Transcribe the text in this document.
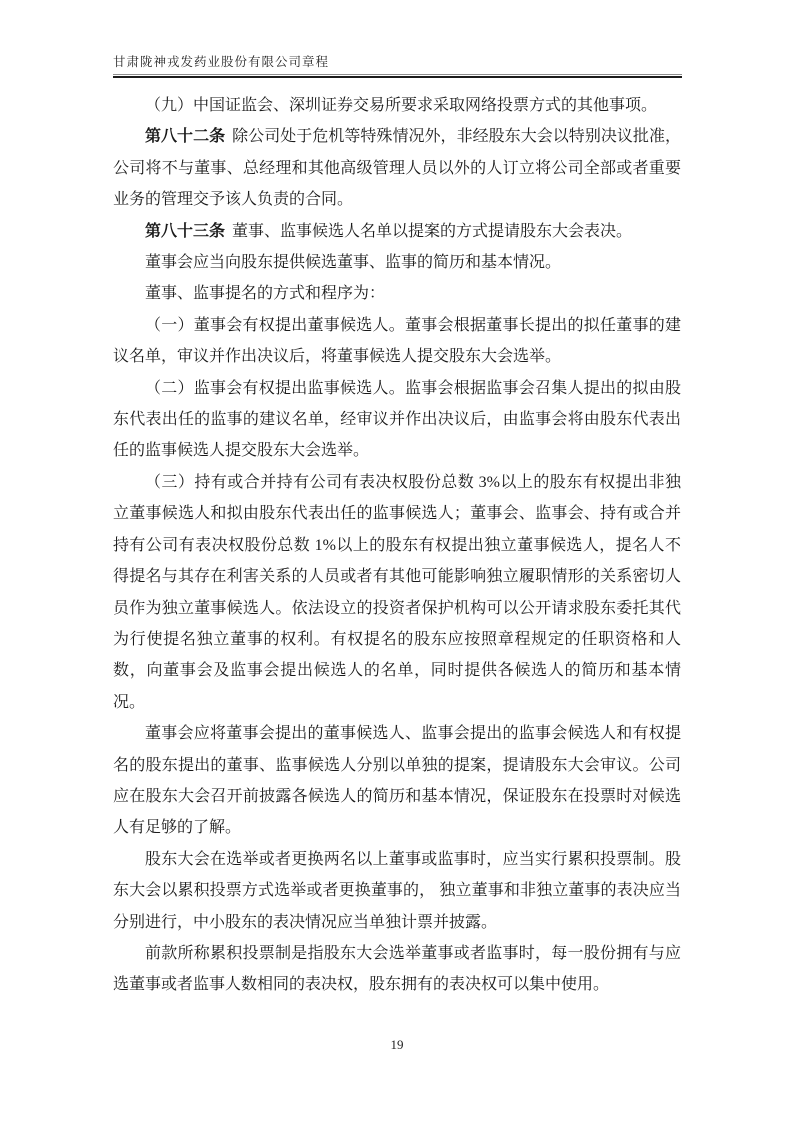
甘肃陇神戎发药业股份有限公司章程

（九）中国证监会、深圳证券交易所要求采取网络投票方式的其他事项。

第八十二条 除公司处于危机等特殊情况外，非经股东大会以特别决议批准，公司将不与董事、总经理和其他高级管理人员以外的人订立将公司全部或者重要业务的管理交予该人负责的合同。

第八十三条 董事、监事候选人名单以提案的方式提请股东大会表决。

董事会应当向股东提供候选董事、监事的简历和基本情况。

董事、监事提名的方式和程序为：

（一）董事会有权提出董事候选人。董事会根据董事长提出的拟任董事的建议名单，审议并作出决议后，将董事候选人提交股东大会选举。

（二）监事会有权提出监事候选人。监事会根据监事会召集人提出的拟由股东代表出任的监事的建议名单，经审议并作出决议后，由监事会将由股东代表出任的监事候选人提交股东大会选举。

（三）持有或合并持有公司有表决权股份总数 3%以上的股东有权提出非独立董事候选人和拟由股东代表出任的监事候选人；董事会、监事会、持有或合并持有公司有表决权股份总数 1%以上的股东有权提出独立董事候选人，提名人不得提名与其存在利害关系的人员或者有其他可能影响独立履职情形的关系密切人员作为独立董事候选人。依法设立的投资者保护机构可以公开请求股东委托其代为行使提名独立董事的权利。有权提名的股东应按照章程规定的任职资格和人数，向董事会及监事会提出候选人的名单，同时提供各候选人的简历和基本情况。

董事会应将董事会提出的董事候选人、监事会提出的监事会候选人和有权提名的股东提出的董事、监事候选人分别以单独的提案，提请股东大会审议。公司应在股东大会召开前披露各候选人的简历和基本情况，保证股东在投票时对候选人有足够的了解。

股东大会在选举或者更换两名以上董事或监事时，应当实行累积投票制。股东大会以累积投票方式选举或者更换董事的， 独立董事和非独立董事的表决应当分别进行，中小股东的表决情况应当单独计票并披露。

前款所称累积投票制是指股东大会选举董事或者监事时，每一股份拥有与应选董事或者监事人数相同的表决权，股东拥有的表决权可以集中使用。

19
